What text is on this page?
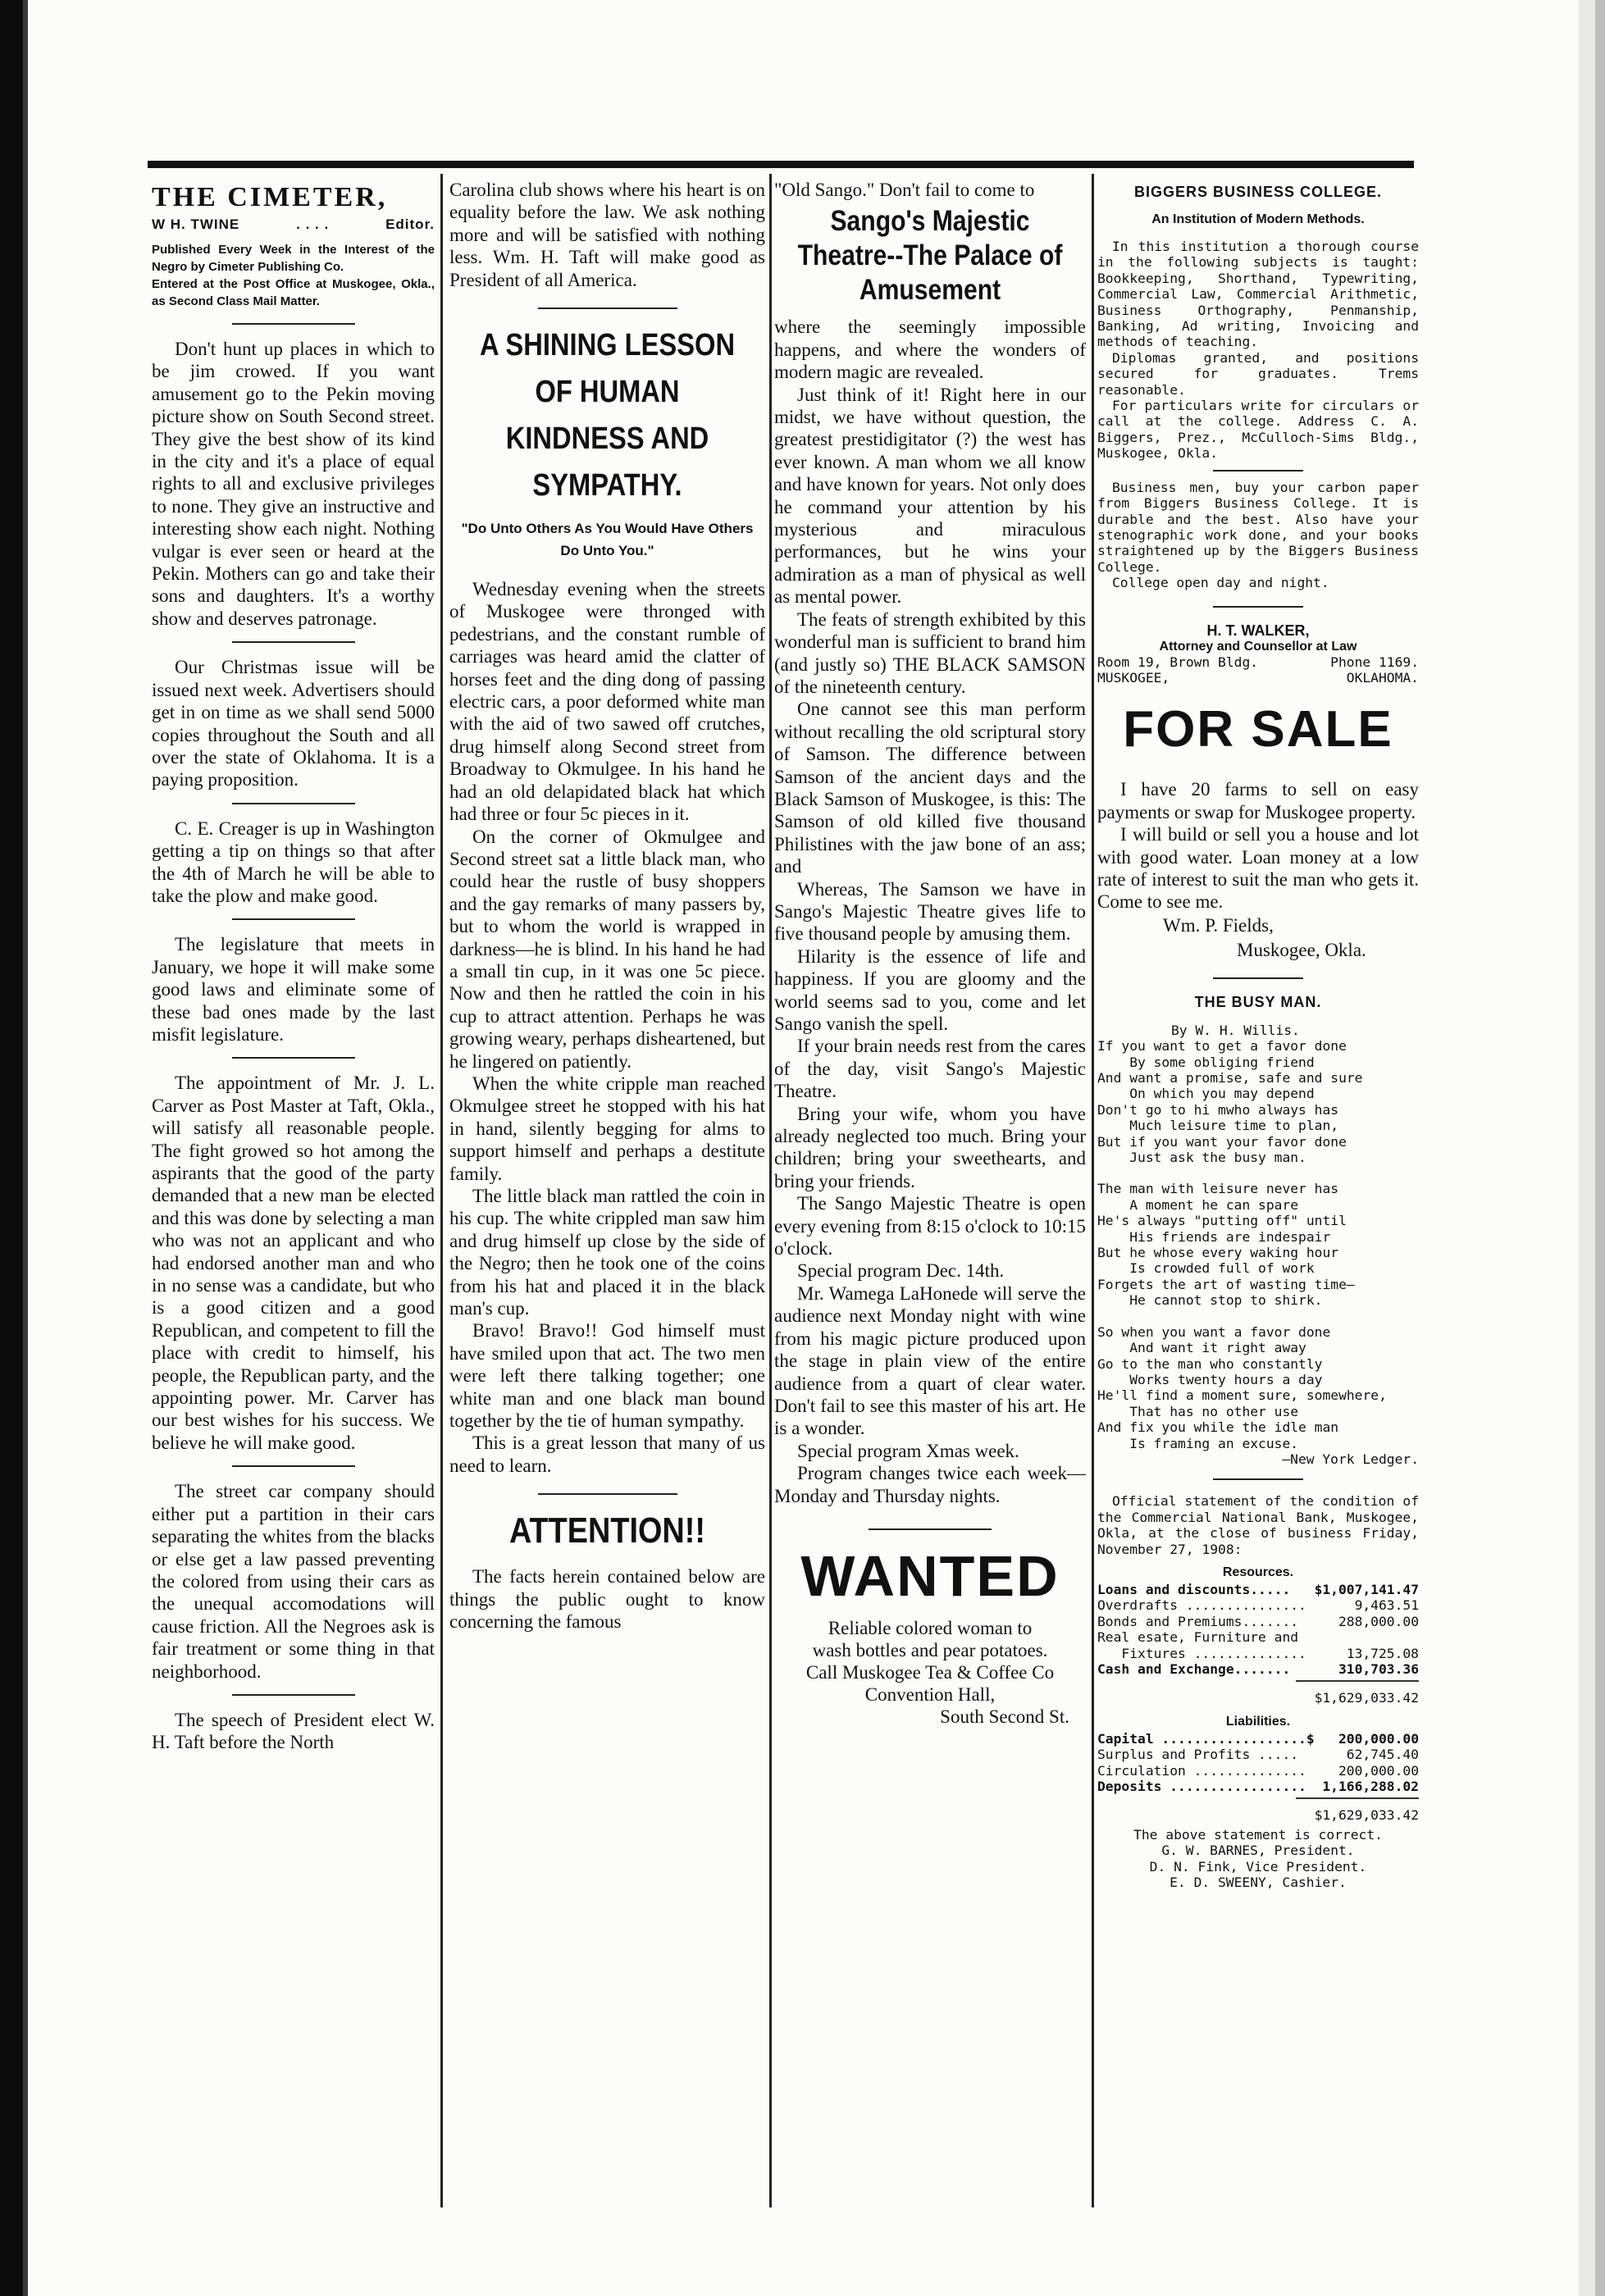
THE CIMETER,
W H. TWINE	. . . .	Editor.

Published Every Week in the Interest of the Negro by Cimeter Publishing Co.

Entered at the Post Office at Muskogee, Okla., as Second Class Mail Matter.

Don't hunt up places in which to be jim crowed. If you want amusement go to the Pekin moving picture show on South Second street. They give the best show of its kind in the city and it's a place of equal rights to all and exclusive privileges to none. They give an instructive and interesting show each night. Nothing vulgar is ever seen or heard at the Pekin. Mothers can go and take their sons and daughters. It's a worthy show and deserves patronage.

Our Christmas issue will be issued next week. Advertisers should get in on time as we shall send 5000 copies throughout the South and all over the state of Oklahoma. It is a paying proposition.

C. E. Creager is up in Washington getting a tip on things so that after the 4th of March he will be able to take the plow and make good.

The legislature that meets in January, we hope it will make some good laws and eliminate some of these bad ones made by the last misfit legislature.

The appointment of Mr. J. L. Carver as Post Master at Taft, Okla., will satisfy all reasonable people. The fight growed so hot among the aspirants that the good of the party demanded that a new man be elected and this was done by selecting a man who was not an applicant and who had endorsed another man and who in no sense was a candidate, but who is a good citizen and a good Republican, and competent to fill the place with credit to himself, his people, the Republican party, and the appointing power. Mr. Carver has our best wishes for his success. We believe he will make good.

The street car company should either put a partition in their cars separating the whites from the blacks or else get a law passed preventing the colored from using their cars as the unequal accomodations will cause friction. All the Negroes ask is fair treatment or some thing in that neighborhood.

The speech of President elect W. H. Taft before the North

Carolina club shows where his heart is on equality before the law. We ask nothing more and will be satisfied with nothing less. Wm. H. Taft will make good as President of all America.

A SHINING LESSON OF HUMAN KINDNESS AND SYMPATHY.
"Do Unto Others As You Would Have Others Do Unto You."

Wednesday evening when the streets of Muskogee were thronged with pedestrians, and the constant rumble of carriages was heard amid the clatter of horses feet and the ding dong of passing electric cars, a poor deformed white man with the aid of two sawed off crutches, drug himself along Second street from Broadway to Okmulgee. In his hand he had an old delapidated black hat which had three or four 5c pieces in it.

On the corner of Okmulgee and Second street sat a little black man, who could hear the rustle of busy shoppers and the gay remarks of many passers by, but to whom the world is wrapped in darkness—he is blind. In his hand he had a small tin cup, in it was one 5c piece. Now and then he rattled the coin in his cup to attract attention. Perhaps he was growing weary, perhaps disheartened, but he lingered on patiently.

When the white cripple man reached Okmulgee street he stopped with his hat in hand, silently begging for alms to support himself and perhaps a destitute family.

The little black man rattled the coin in his cup. The white crippled man saw him and drug himself up close by the side of the Negro; then he took one of the coins from his hat and placed it in the black man's cup.

Bravo! Bravo!! God himself must have smiled upon that act. The two men were left there talking together; one white man and one black man bound together by the tie of human sympathy.

This is a great lesson that many of us need to learn.

ATTENTION!!

The facts herein contained below are things the public ought to know concerning the famous

"Old Sango." Don't fail to come to

Sango's Majestic Theatre--The Palace of Amusement

where the seemingly impossible happens, and where the wonders of modern magic are revealed.

Just think of it! Right here in our midst, we have without question, the greatest prestidigitator (?) the west has ever known. A man whom we all know and have known for years. Not only does he command your attention by his mysterious and miraculous performances, but he wins your admiration as a man of physical as well as mental power.

The feats of strength exhibited by this wonderful man is sufficient to brand him (and justly so) THE BLACK SAMSON of the nineteenth century.

One cannot see this man perform without recalling the old scriptural story of Samson. The difference between Samson of the ancient days and the Black Samson of Muskogee, is this: The Samson of old killed five thousand Philistines with the jaw bone of an ass; and

Whereas, The Samson we have in Sango's Majestic Theatre gives life to five thousand people by amusing them.

Hilarity is the essence of life and happiness. If you are gloomy and the world seems sad to you, come and let Sango vanish the spell.

If your brain needs rest from the cares of the day, visit Sango's Majestic Theatre.

Bring your wife, whom you have already neglected too much. Bring your children; bring your sweethearts, and bring your friends.

The Sango Majestic Theatre is open every evening from 8:15 o'clock to 10:15 o'clock.

Special program Dec. 14th.

Mr. Wamega LaHonede will serve the audience next Monday night with wine from his magic picture produced upon the stage in plain view of the entire audience from a quart of clear water. Don't fail to see this master of his art. He is a wonder.

Special program Xmas week.

Program changes twice each week—Monday and Thursday nights.

WANTED

Reliable colored woman to

wash bottles and pear potatoes.

Call Muskogee Tea & Coffee Co

Convention Hall,

South Second St.

BIGGERS BUSINESS COLLEGE.
An Institution of Modern Methods.

In this institution a thorough course in the following subjects is taught: Bookkeeping, Shorthand, Typewriting, Commercial Law, Commercial Arithmetic, Business Orthography, Penmanship, Banking, Ad writing, Invoicing and methods of teaching.

Diplomas granted, and positions secured for graduates. Trems reasonable.

For particulars write for circulars or call at the college. Address C. A. Biggers, Prez., McCulloch-Sims Bldg., Muskogee, Okla.

Business men, buy your carbon paper from Biggers Business College. It is durable and the best. Also have your stenographic work done, and your books straightened up by the Biggers Business College.

College open day and night.

H. T. WALKER,

Attorney and Counsellor at Law

Room 19, Brown Bldg.	Phone 1169.
MUSKOGEE,	OKLAHOMA.
FOR SALE

I have 20 farms to sell on easy payments or swap for Muskogee property.

I will build or sell you a house and lot with good water. Loan money at a low rate of interest to suit the man who gets it. Come to see me.

Wm. P. Fields,

Muskogee, Okla.

THE BUSY MAN.

By W. H. Willis.

If you want to get a favor done

By some obliging friend

And want a promise, safe and sure

On which you may depend

Don't go to hi mwho always has

Much leisure time to plan,

But if you want your favor done

Just ask the busy man.

The man with leisure never has

A moment he can spare

He's always "putting off" until

His friends are indespair

But he whose every waking hour

Is crowded full of work

Forgets the art of wasting time—

He cannot stop to shirk.

So when you want a favor done

And want it right away

Go to the man who constantly

Works twenty hours a day

He'll find a moment sure, somewhere,

That has no other use

And fix you while the idle man

Is framing an excuse.

—New York Ledger.

Official statement of the condition of the Commercial National Bank, Muskogee, Okla, at the close of business Friday, November 27, 1908:

Resources.
Loans and discounts..... $1,007,141.47
Overdrafts ...............	9,463.51
Bonds and Premiums.......	288,000.00
Real esate, Furniture and
Fixtures ..............	13,725.08
Cash and Exchange.......	310,703.36
$1,629,033.42
Liabilities.
Capital ..................$ 200,000.00
Surplus and Profits .....	62,745.40
Circulation .............. 200,000.00
Deposits ................. 1,166,288.02
$1,629,033.42

The above statement is correct.

G. W. BARNES, President.

D. N. Fink, Vice President.

E. D. SWEENY, Cashier.
